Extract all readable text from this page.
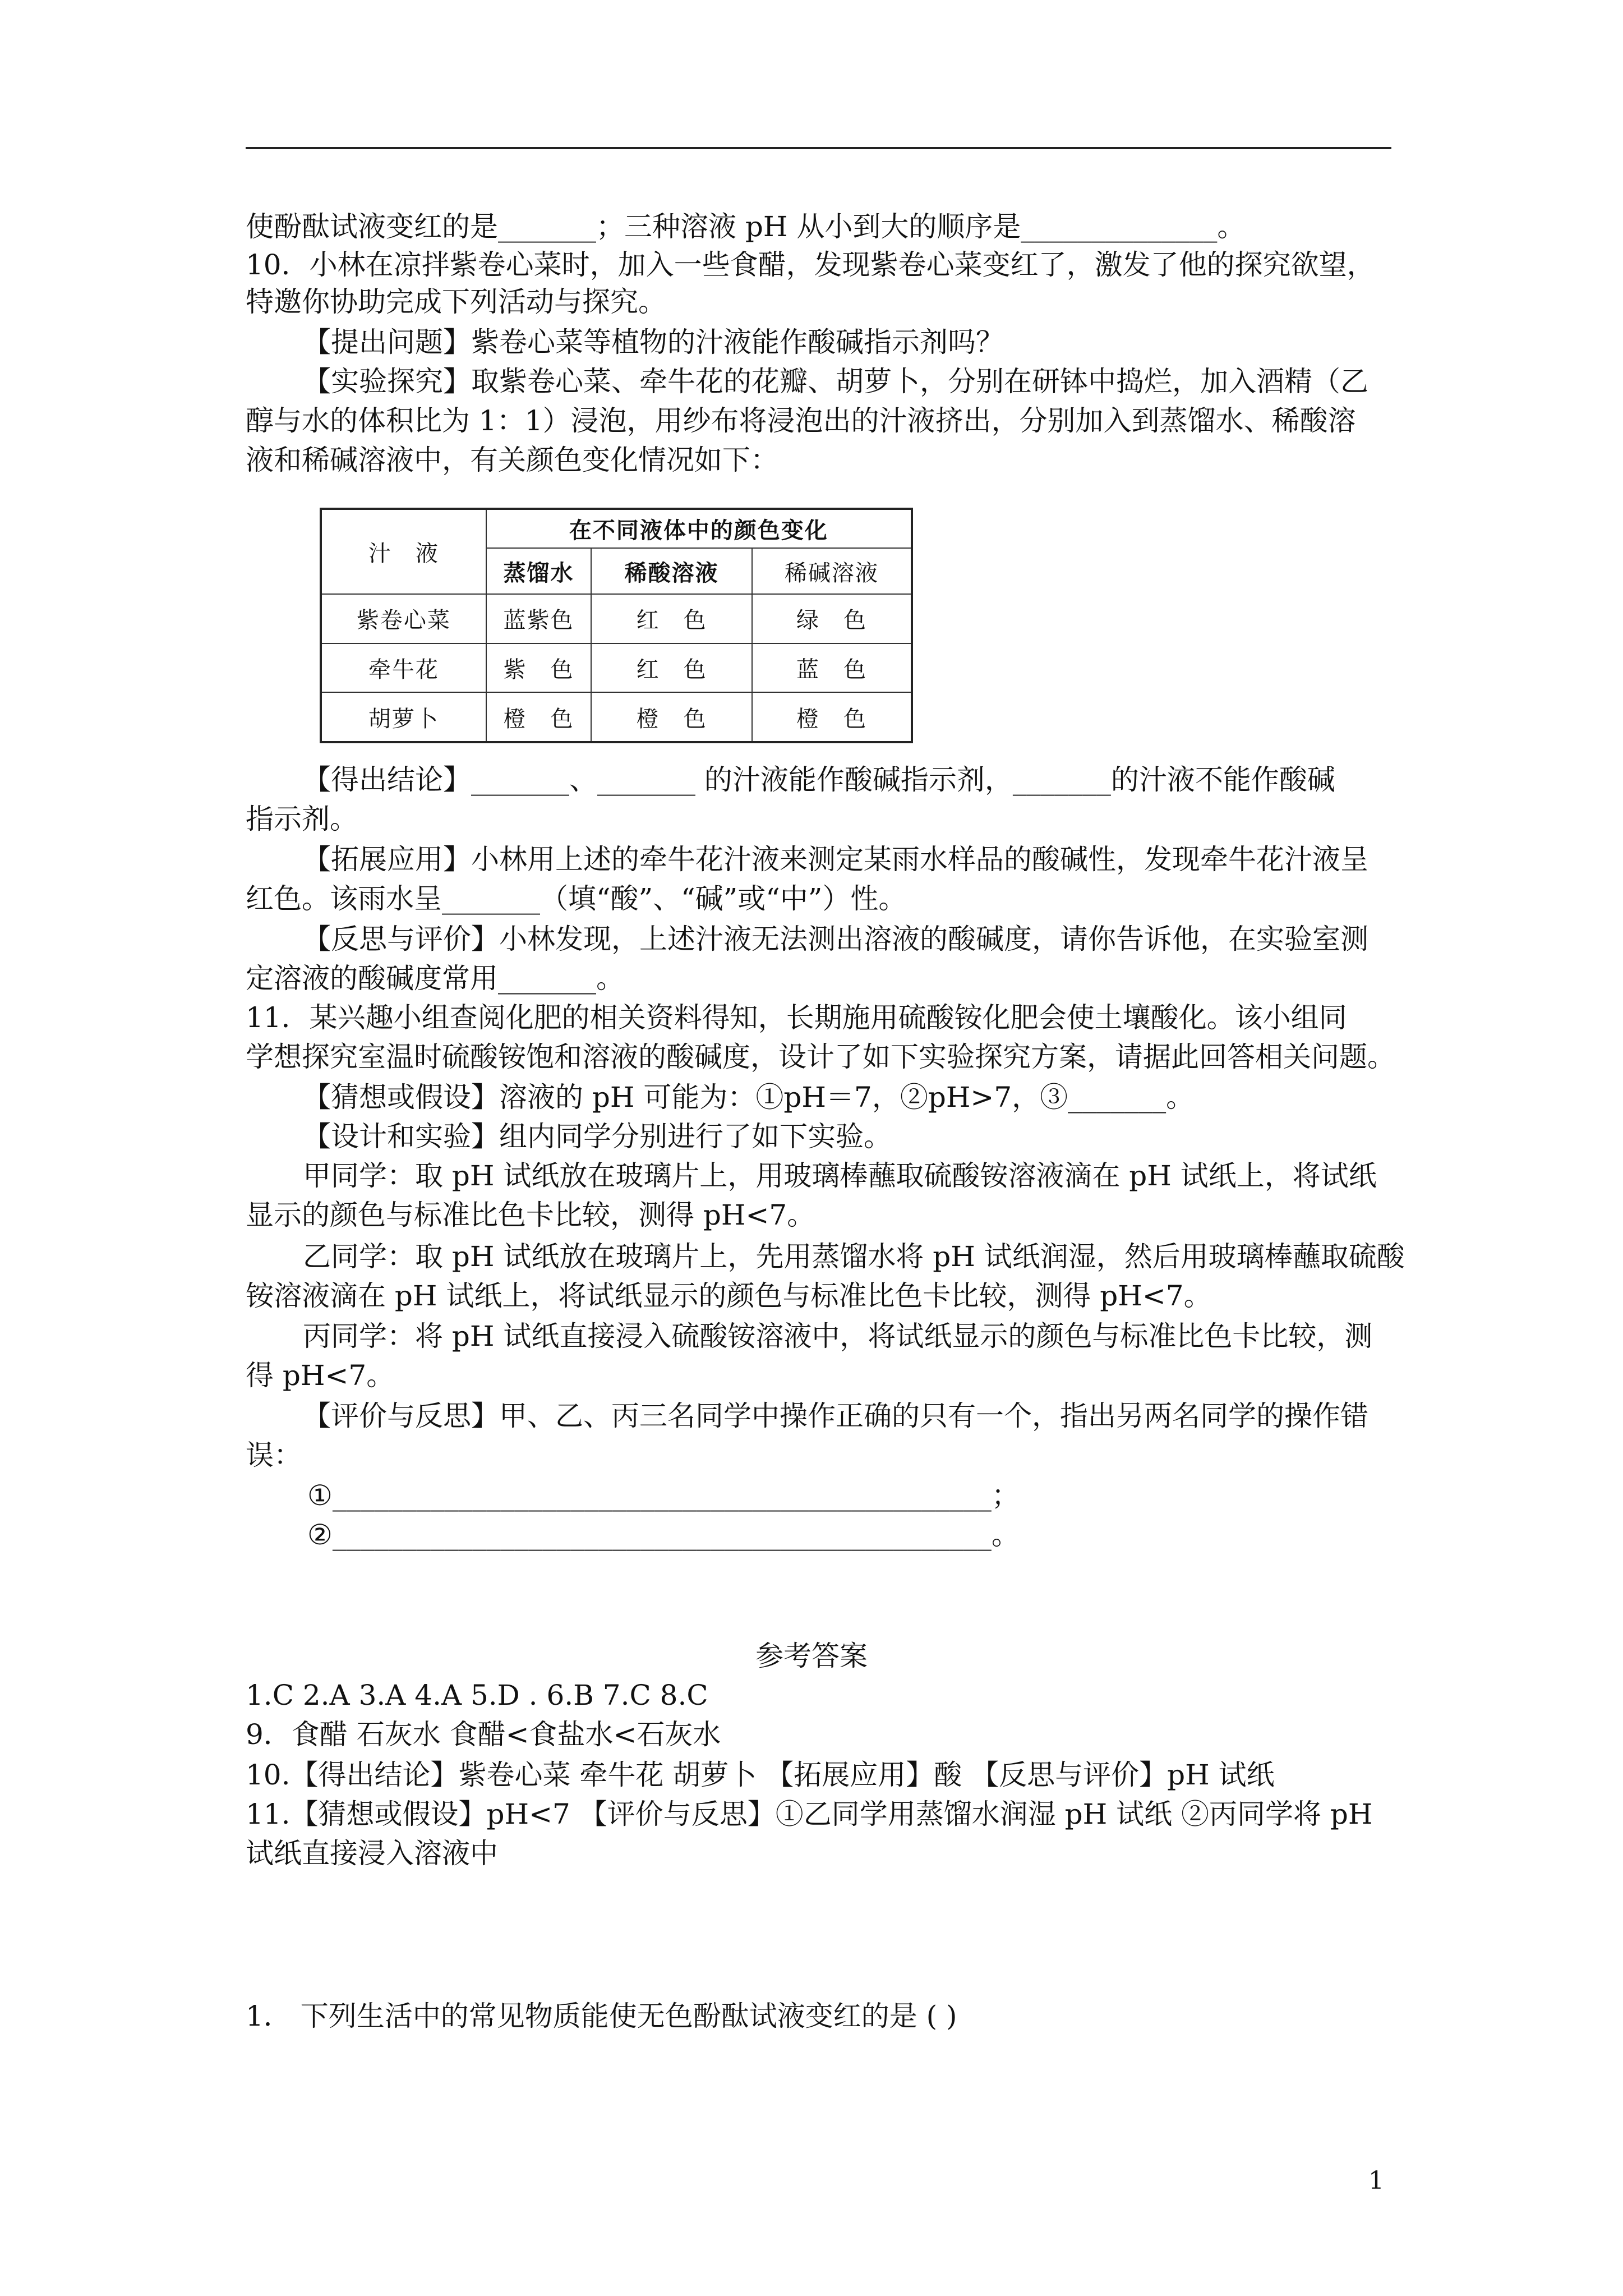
使酚酞试液变红的是_______；三种溶液 pH 从小到大的顺序是______________。
10．小林在凉拌紫卷心菜时，加入一些食醋，发现紫卷心菜变红了，激发了他的探究欲望，
特邀你协助完成下列活动与探究。
【提出问题】紫卷心菜等植物的汁液能作酸碱指示剂吗？
【实验探究】取紫卷心菜、牵牛花的花瓣、胡萝卜，分别在研钵中捣烂，加入酒精（乙
醇与水的体积比为 1：1）浸泡，用纱布将浸泡出的汁液挤出，分别加入到蒸馏水、稀酸溶
液和稀碱溶液中，有关颜色变化情况如下：
汁　液	在不同液体中的颜色变化		
	蒸馏水	稀酸溶液	稀碱溶液
紫卷心菜	蓝紫色	红　色	绿　色
牵牛花	紫　色	红　色	蓝　色
胡萝卜	橙　色	橙　色	橙　色
【得出结论】_______、_______ 的汁液能作酸碱指示剂，_______的汁液不能作酸碱
指示剂。
【拓展应用】小林用上述的牵牛花汁液来测定某雨水样品的酸碱性，发现牵牛花汁液呈
红色。该雨水呈_______（填“酸”、“碱”或“中”）性。
【反思与评价】小林发现，上述汁液无法测出溶液的酸碱度，请你告诉他，在实验室测
定溶液的酸碱度常用_______。
11．某兴趣小组查阅化肥的相关资料得知，长期施用硫酸铵化肥会使土壤酸化。该小组同
学想探究室温时硫酸铵饱和溶液的酸碱度，设计了如下实验探究方案，请据此回答相关问题。
【猜想或假设】溶液的 pH 可能为：①pH＝7，②pH>7，③_______。
【设计和实验】组内同学分别进行了如下实验。
甲同学：取 pH 试纸放在玻璃片上，用玻璃棒蘸取硫酸铵溶液滴在 pH 试纸上，将试纸
显示的颜色与标准比色卡比较，测得 pH<7。
乙同学：取 pH 试纸放在玻璃片上，先用蒸馏水将 pH 试纸润湿，然后用玻璃棒蘸取硫酸
铵溶液滴在 pH 试纸上，将试纸显示的颜色与标准比色卡比较，测得 pH<7。
丙同学：将 pH 试纸直接浸入硫酸铵溶液中，将试纸显示的颜色与标准比色卡比较，测
得 pH<7。
【评价与反思】甲、乙、丙三名同学中操作正确的只有一个，指出另两名同学的操作错
误：
①_______________________________________________；
②_______________________________________________。
参考答案
1.C 2.A 3.A 4.A 5.D . 6.B 7.C 8.C
9．食醋 石灰水 食醋<食盐水<石灰水
10.【得出结论】紫卷心菜 牵牛花 胡萝卜 【拓展应用】酸 【反思与评价】pH 试纸
11.【猜想或假设】pH<7 【评价与反思】①乙同学用蒸馏水润湿 pH 试纸 ②丙同学将 pH
试纸直接浸入溶液中
1． 下列生活中的常见物质能使无色酚酞试液变红的是 ( )
1
